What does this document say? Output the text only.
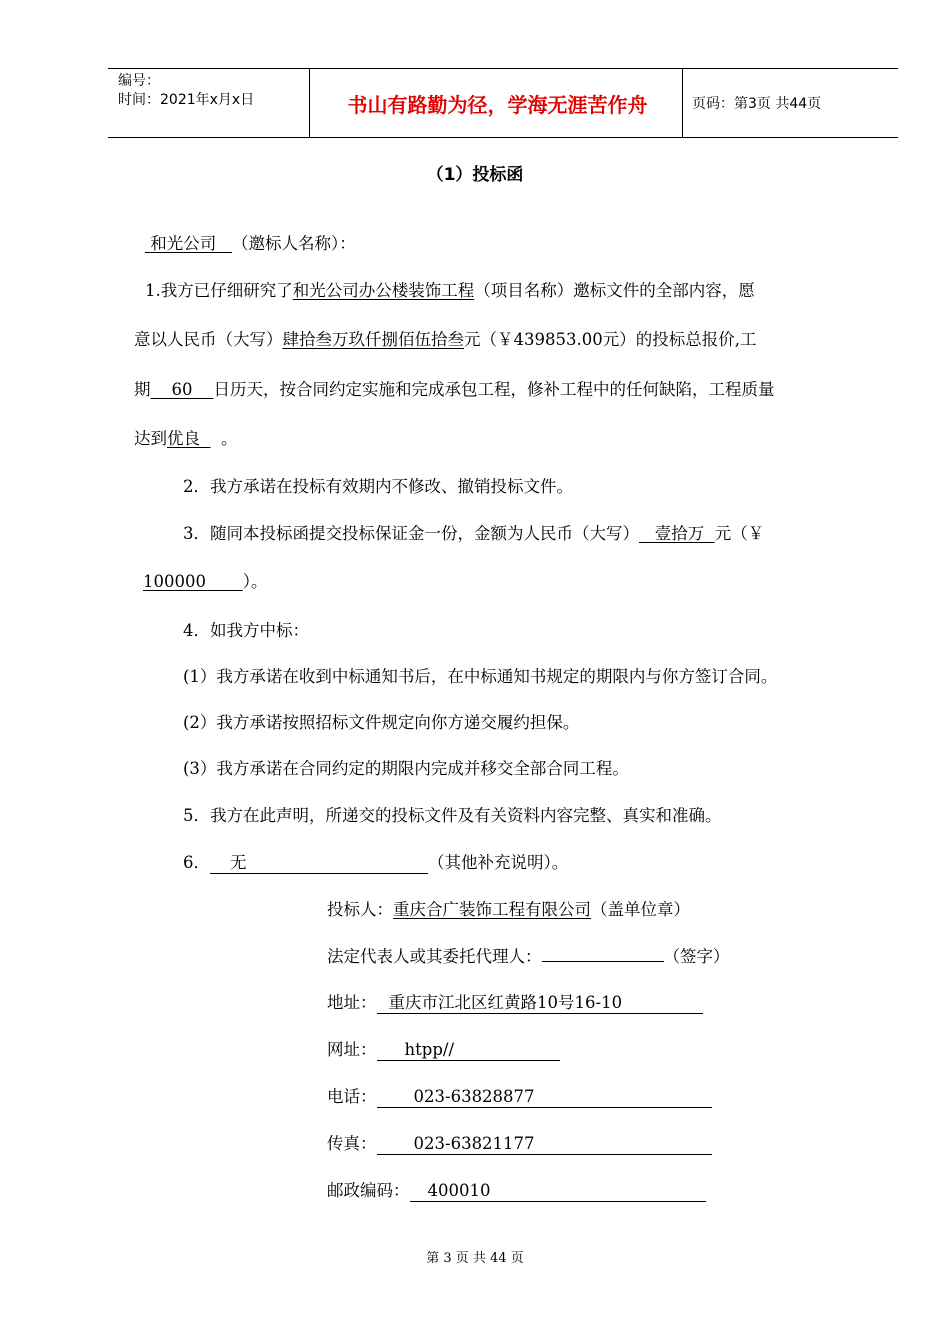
编号：
时间：2021年x月x日	书山有路勤为径，学海无涯苦作舟	页码：第3页 共44页
（1）投标函
和光公司 （邀标人名称）：
1.我方已仔细研究了和光公司办公楼装饰工程（项目名称）邀标文件的全部内容，愿
意以人民币（大写）肆拾叁万玖仟捌佰伍拾叁元（￥439853.00元）的投标总报价,工
期 60 日历天，按合同约定实施和完成承包工程，修补工程中的任何缺陷，工程质量
达到优良 。
2．我方承诺在投标有效期内不修改、撤销投标文件。
3．随同本投标函提交投标保证金一份，金额为人民币（大写） 壹拾万 元（￥
100000 ）。
4．如我方中标：
(1）我方承诺在收到中标通知书后，在中标通知书规定的期限内与你方签订合同。
(2）我方承诺按照招标文件规定向你方递交履约担保。
(3）我方承诺在合同约定的期限内完成并移交全部合同工程。
5．我方在此声明，所递交的投标文件及有关资料内容完整、真实和准确。
6． 无	（其他补充说明）。
投标人：重庆合广装饰工程有限公司（盖单位章）
法定代表人或其委托代理人：	（签字）
地址： 重庆市江北区红黄路10号16-10
网址： htpp//
电话： 023-63828877
传真： 023-63821177
邮政编码： 400010
第 3 页 共 44 页
